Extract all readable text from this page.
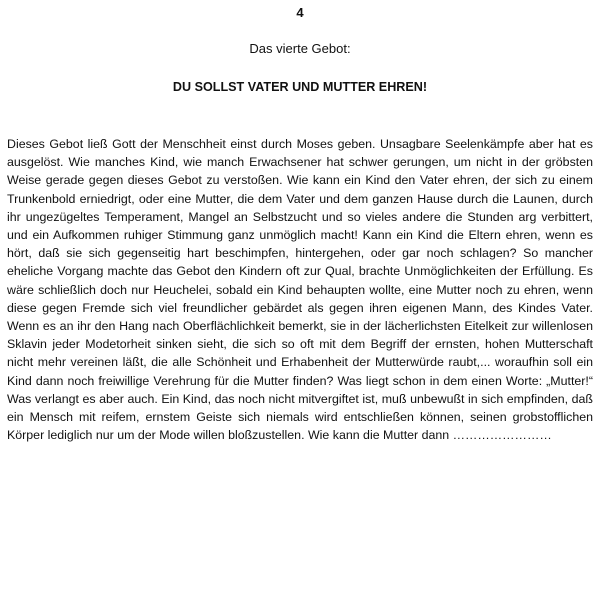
4
Das vierte Gebot:
DU SOLLST VATER UND MUTTER EHREN!

Dieses Gebot ließ Gott der Menschheit einst durch Moses geben. Unsagbare Seelenkämpfe aber hat es ausgelöst. Wie manches Kind, wie manch Erwachsener hat schwer gerungen, um nicht in der gröbsten Weise gerade gegen dieses Gebot zu verstoßen. Wie kann ein Kind den Vater ehren, der sich zu einem Trunkenbold erniedrigt, oder eine Mutter, die dem Vater und dem ganzen Hause durch die Launen, durch ihr ungezügeltes Temperament, Mangel an Selbstzucht und so vieles andere die Stunden arg verbittert, und ein Aufkommen ruhiger Stimmung ganz unmöglich macht! Kann ein Kind die Eltern ehren, wenn es hört, daß sie sich gegenseitig hart beschimpfen, hintergehen, oder gar noch schlagen? So mancher eheliche Vorgang machte das Gebot den Kindern oft zur Qual, brachte Unmöglichkeiten der Erfüllung. Es wäre schließlich doch nur Heuchelei, sobald ein Kind behaupten wollte, eine Mutter noch zu ehren, wenn diese gegen Fremde sich viel freundlicher gebärdet als gegen ihren eigenen Mann, des Kindes Vater. Wenn es an ihr den Hang nach Oberflächlichkeit bemerkt, sie in der lächerlichsten Eitelkeit zur willenlosen Sklavin jeder Modetorheit sinken sieht, die sich so oft mit dem Begriff der ernsten, hohen Mutterschaft nicht mehr vereinen läßt, die alle Schönheit und Erhabenheit der Mutterwürde raubt,... woraufhin soll ein Kind dann noch freiwillige Verehrung für die Mutter finden? Was liegt schon in dem einen Worte: „Mutter!“ Was verlangt es aber auch. Ein Kind, das noch nicht mitvergiftet ist, muß unbewußt in sich empfinden, daß ein Mensch mit reifem, ernstem Geiste sich niemals wird entschließen können, seinen grobstofflichen Körper lediglich nur um der Mode willen bloßzustellen. Wie kann die Mutter dann ……………………
